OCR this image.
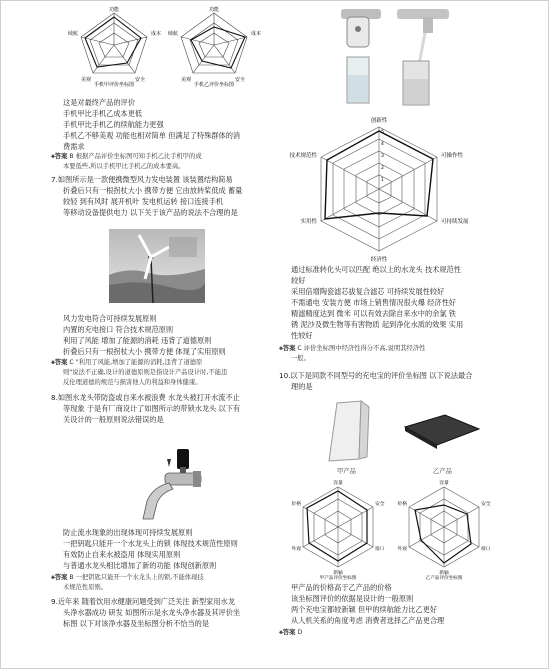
功能
成本
安全
美观
续航
手机甲评价坐标图
功能
成本
安全
美观
续航
手机乙评价坐标图
这是对最终产品的评价
手机甲比手机乙成本更低
手机甲比手机乙的续航能力更强
手机乙不够美观 功能也相对简单 但满足了特殊群体的消
费需求
⚹答案 B 根据产品评价坐标图可知手机乙比手机甲的成
本要低些,所以手机甲比手机乙的成本要高。
7.如图所示是一款便携微型风力发电装置 该装置结构简易
折叠后只有一根拐杖大小 携带方便 它由放转桨低成 蓄量
较轻 到有风时 展开机叶 发电机运转 接口连接手机
等移动设备提供电力 以下关于该产品的说法不合理的是
风力发电符合可持续发展原则
内置的充电接口 符合技术规范原则
利用了风能 增加了能源的消耗 违背了道德原则
折叠后只有一根拐杖大小 携带方便 体现了实用原则
⚹答案 C "利用了风能,增加了能源的消耗,违背了道德原
则"说法不正确,设计的道德原则是指设计产品设计时,不能违
反伦理道德的规范与损害他人的利益和身体健康。
8.如图水龙头带防盗或自来水被浪费 水龙头被打开水流不止
等现象 于是有厂商设计了如图所示的带锁水龙头 以下有
关设计的一般原则说法错误的是
防止流水现象的出现体现可持续发展原则
一把钥匙只能开一个水龙头上的锁 体现技术规范性原则
有效防止自来水被盗用 体现实用原则
与普通水龙头相比增加了新的功能 体现创新原则
⚹答案 B 一把钥匙只能开一个水龙头上的锁,不能体现技
术规范性原则。
9.近年来 随着饮用水健康问题受到广泛关注 新型家用水龙
头净水器成功 研发 如图所示是水龙头净水器及其评价坐
标图 以下对该净水器及坐标图分析不恰当的是
1
2
3
4
5
创新性
可操作性
可持续发展
经济性
实用性
技术规范性
通过标准转化头可以匹配 绝以上的水龙头 技术规范性
较好
采用倍增陶瓷滤芯拔复合滤芯 可持续发展性较好
不需通电 安装方便 市场上销售情况很火爆 经济性好
精滤精度达到 微米 可以有效去除自来水中的余氯 铁
锈 泥沙及微生物等有害物质 起到净化水质的效果 实用
性较好
⚹答案 C 评价坐标图中经济性得分不高,说明其经济性
一般。
10.以下是同款不同型号的充电宝的评价坐标图 以下说法最合
理的是
甲产品	乙产品
容量
安全
接口
新颖
外观
价格
甲产品评价坐标图
容量
安全
接口
新颖
外观
价格
乙产品评价坐标图
甲产品的价格高于乙产品的价格
该坐标图评价的依据是设计的一般原则
两个充电宝都较新颖 但甲的续航能力比乙更好
从人机关系的角度考虑 消费者选择乙产品更合理
⚹答案 D
